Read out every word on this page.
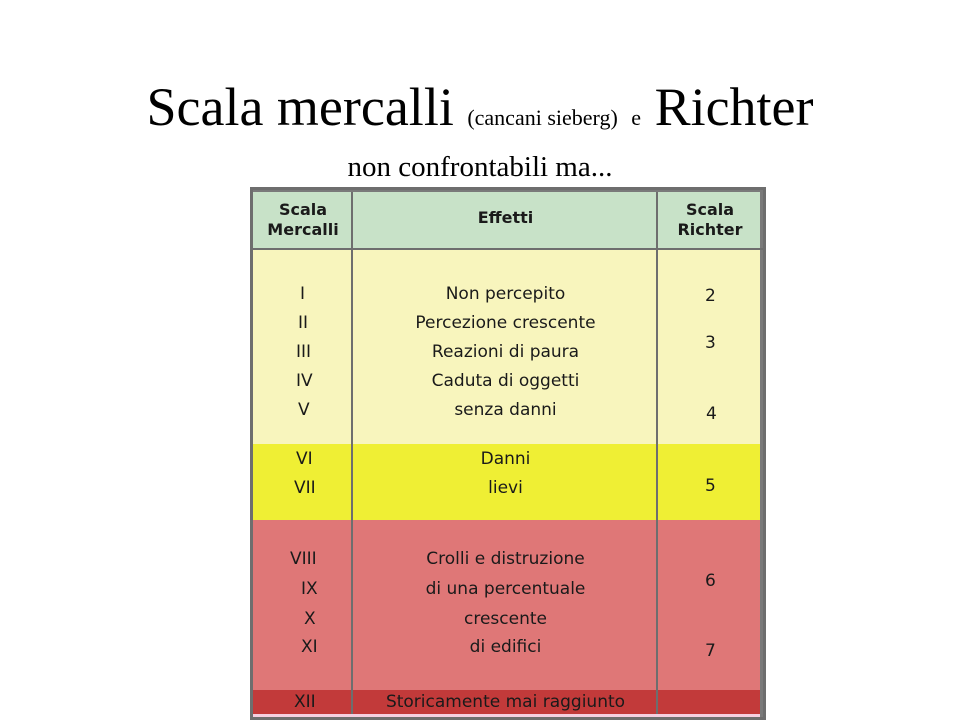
Scala mercalli (cancani sieberg) e Richter
non confrontabili ma...
Scala
Mercalli
Effetti	Scala
Richter
I
II
III
IV
V
VI
VII
VIII
IX
X
XI
XII
Non percepito
Percezione crescente
Reazioni di paura
Caduta di oggetti
senza danni
Danni
lievi
Crolli e distruzione
di una percentuale
crescente
di edifici
Storicamente mai raggiunto
2
3
4
5
6
7
